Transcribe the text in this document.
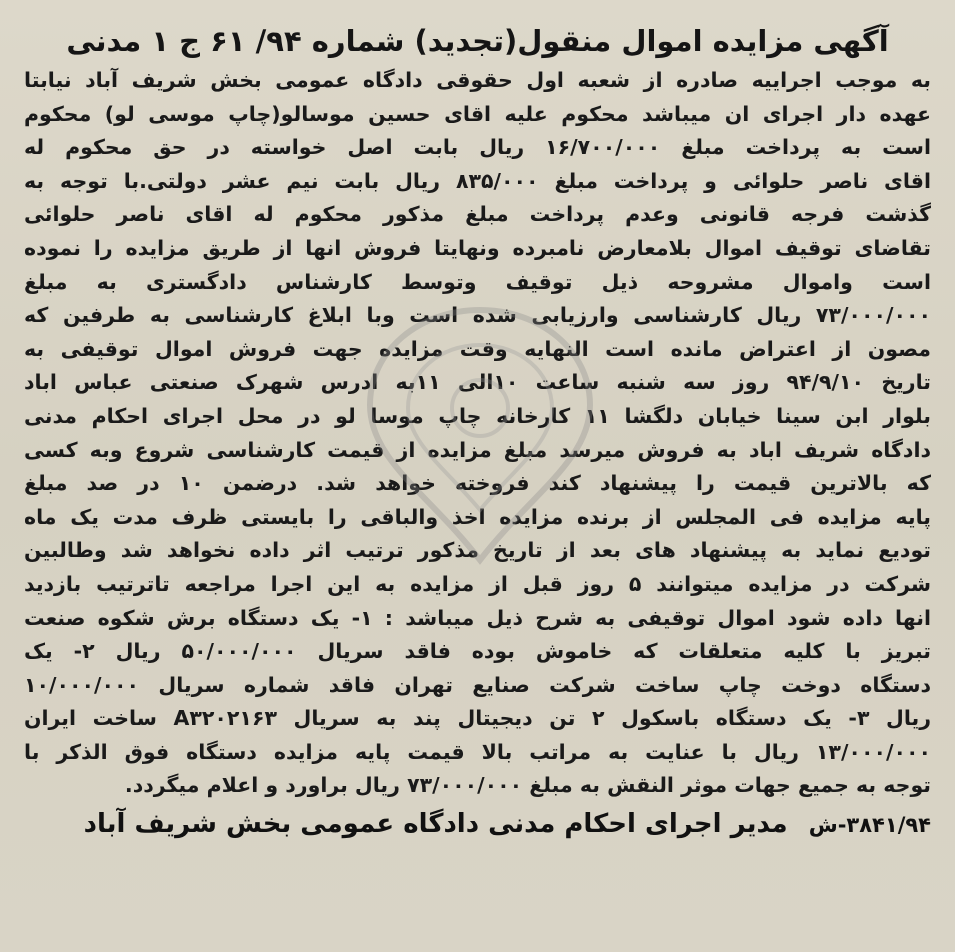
آگهی مزایده اموال منقول(تجدید) شماره ۹۴/ ۶۱ ج ۱ مدنی
به موجب اجراییه صادره از شعبه اول حقوقی دادگاه عمومی بخش شریف آباد نیابتا
عهده دار اجرای ان میباشد محکوم علیه اقای حسین موسالو(چاپ موسی لو) محکوم
است به پرداخت مبلغ ۱۶/۷۰۰/۰۰۰ ریال بابت اصل خواسته در حق محکوم له
اقای ناصر حلوائی و پرداخت مبلغ ۸۳۵/۰۰۰ ریال بابت نیم عشر دولتی.با توجه به
گذشت فرجه قانونی وعدم پرداخت مبلغ مذکور محکوم له اقای ناصر حلوائی
تقاضای توقیف اموال بلامعارض نامبرده ونهایتا فروش انها از طریق مزایده را نموده
است واموال مشروحه ذیل توقیف وتوسط کارشناس دادگستری به مبلغ
۷۳/۰۰۰/۰۰۰ ریال کارشناسی وارزیابی شده است وبا ابلاغ کارشناسی به طرفین که
مصون از اعتراض مانده است النهایه وقت مزایده جهت فروش اموال توقیفی به
تاریخ ۹۴/۹/۱۰ روز سه شنبه ساعت ۱۰الی ۱۱به ادرس شهرک صنعتی عباس اباد
بلوار ابن سینا خیابان دلگشا ۱۱ کارخانه چاپ موسا لو در محل اجرای احکام مدنی
دادگاه شریف اباد به فروش میرسد مبلغ مزایده از قیمت کارشناسی شروع وبه کسی
که بالاترین قیمت را پیشنهاد کند فروخته خواهد شد. درضمن ۱۰ در صد مبلغ
پایه مزایده فی المجلس از برنده مزایده اخذ والباقی را بایستی ظرف مدت یک ماه
تودیع نماید به پیشنهاد های بعد از تاریخ مذکور ترتیب اثر داده نخواهد شد وطالبین
شرکت در مزایده میتوانند ۵ روز قبل از مزایده به این اجرا مراجعه تاترتیب بازدید
انها داده شود اموال توقیفی به شرح ذیل میباشد : ۱- یک دستگاه برش شکوه صنعت
تبریز با کلیه متعلقات که خاموش بوده فاقد سریال ۵۰/۰۰۰/۰۰۰ ریال ۲- یک
دستگاه دوخت چاپ ساخت شرکت صنایع تهران فاقد شماره سریال ۱۰/۰۰۰/۰۰۰
ریال ۳- یک دستگاه باسکول ۲ تن دیجیتال پند به سریال A۳۲۰۲۱۶۳ ساخت ایران
۱۳/۰۰۰/۰۰۰ ریال با عنایت به مراتب بالا قیمت پایه مزایده دستگاه فوق الذکر با
توجه به جمیع جهات موثر النقش به مبلغ ۷۳/۰۰۰/۰۰۰ ریال براورد و اعلام میگردد.
۳۸۴۱/۹۴-ش مدیر اجرای احکام مدنی دادگاه عمومی بخش شریف آباد
